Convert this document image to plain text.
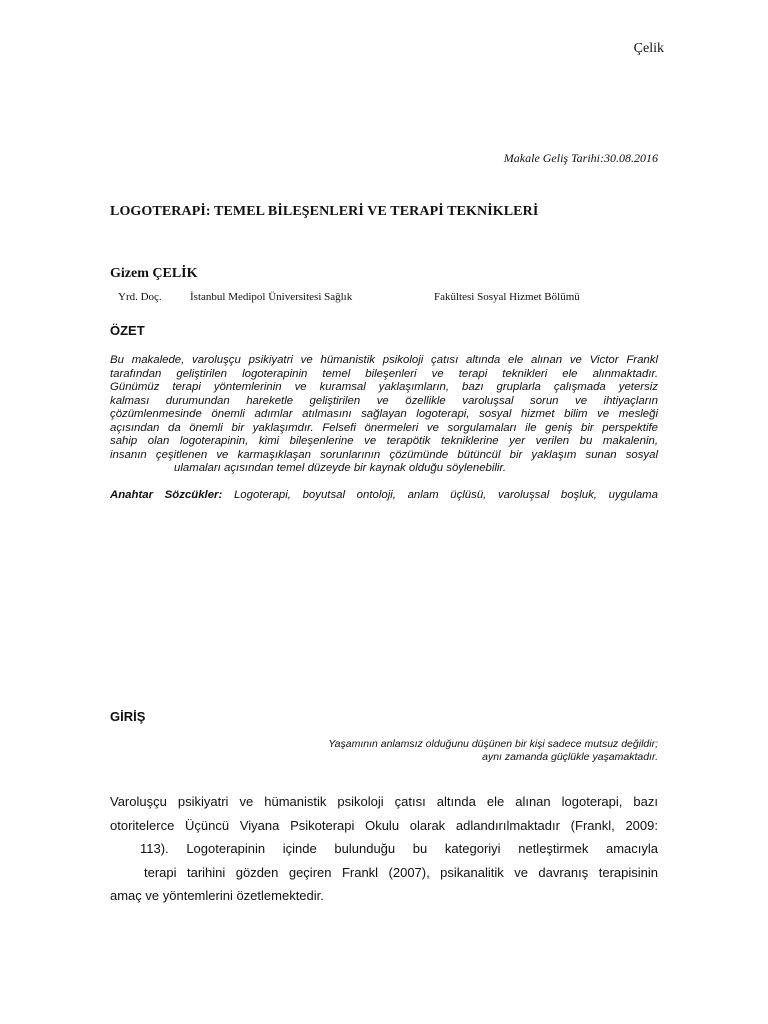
Çelik
Makale Geliş Tarihi:30.08.2016
LOGOTERAPİ: TEMEL BİLEŞENLERİ VE TERAPİ TEKNİKLERİ
Gizem ÇELİK
Yrd. Doç.	İstanbul Medipol Üniversitesi Sağlık	Fakültesi Sosyal Hizmet Bölümü
ÖZET
Bu makalede, varoluşçu psikiyatri ve hümanistik psikoloji çatısı altında ele alınan ve Victor Frankl
tarafından geliştirilen logoterapinin temel bileşenleri ve terapi teknikleri ele alınmaktadır.
Günümüz terapi yöntemlerinin ve kuramsal yaklaşımların, bazı gruplarla çalışmada yetersiz
kalması durumundan hareketle geliştirilen ve özellikle varoluşsal sorun ve ihtiyaçların
çözümlenmesinde önemli adımlar atılmasını sağlayan logoterapi, sosyal hizmet bilim ve mesleği
açısından da önemli bir yaklaşımdır. Felsefi önermeleri ve sorgulamaları ile geniş bir perspektife
sahip olan logoterapinin, kimi bileşenlerine ve terapötik tekniklerine yer verilen bu makalenin,
insanın çeşitlenen ve karmaşıklaşan sorunlarının çözümünde bütüncül bir yaklaşım sunan sosyal
ulamaları açısından temel düzeyde bir kaynak olduğu söylenebilir.
Anahtar Sözcükler: Logoterapi, boyutsal ontoloji, anlam üçlüsü, varoluşsal boşluk, uygulama
GİRİŞ
Yaşamının anlamsız olduğunu düşünen bir kişi sadece mutsuz değildir;
aynı zamanda güçlükle yaşamaktadır.
Varoluşçu psikiyatri ve hümanistik psikoloji çatısı altında ele alınan logoterapi, bazı
otoritelerce Üçüncü Viyana Psikoterapi Okulu olarak adlandırılmaktadır (Frankl, 2009:
113). Logoterapinin içinde bulunduğu bu kategoriyi netleştirmek amacıyla
terapi tarihini gözden geçiren Frankl (2007), psikanalitik ve davranış terapisinin
amaç ve yöntemlerini özetlemektedir.
